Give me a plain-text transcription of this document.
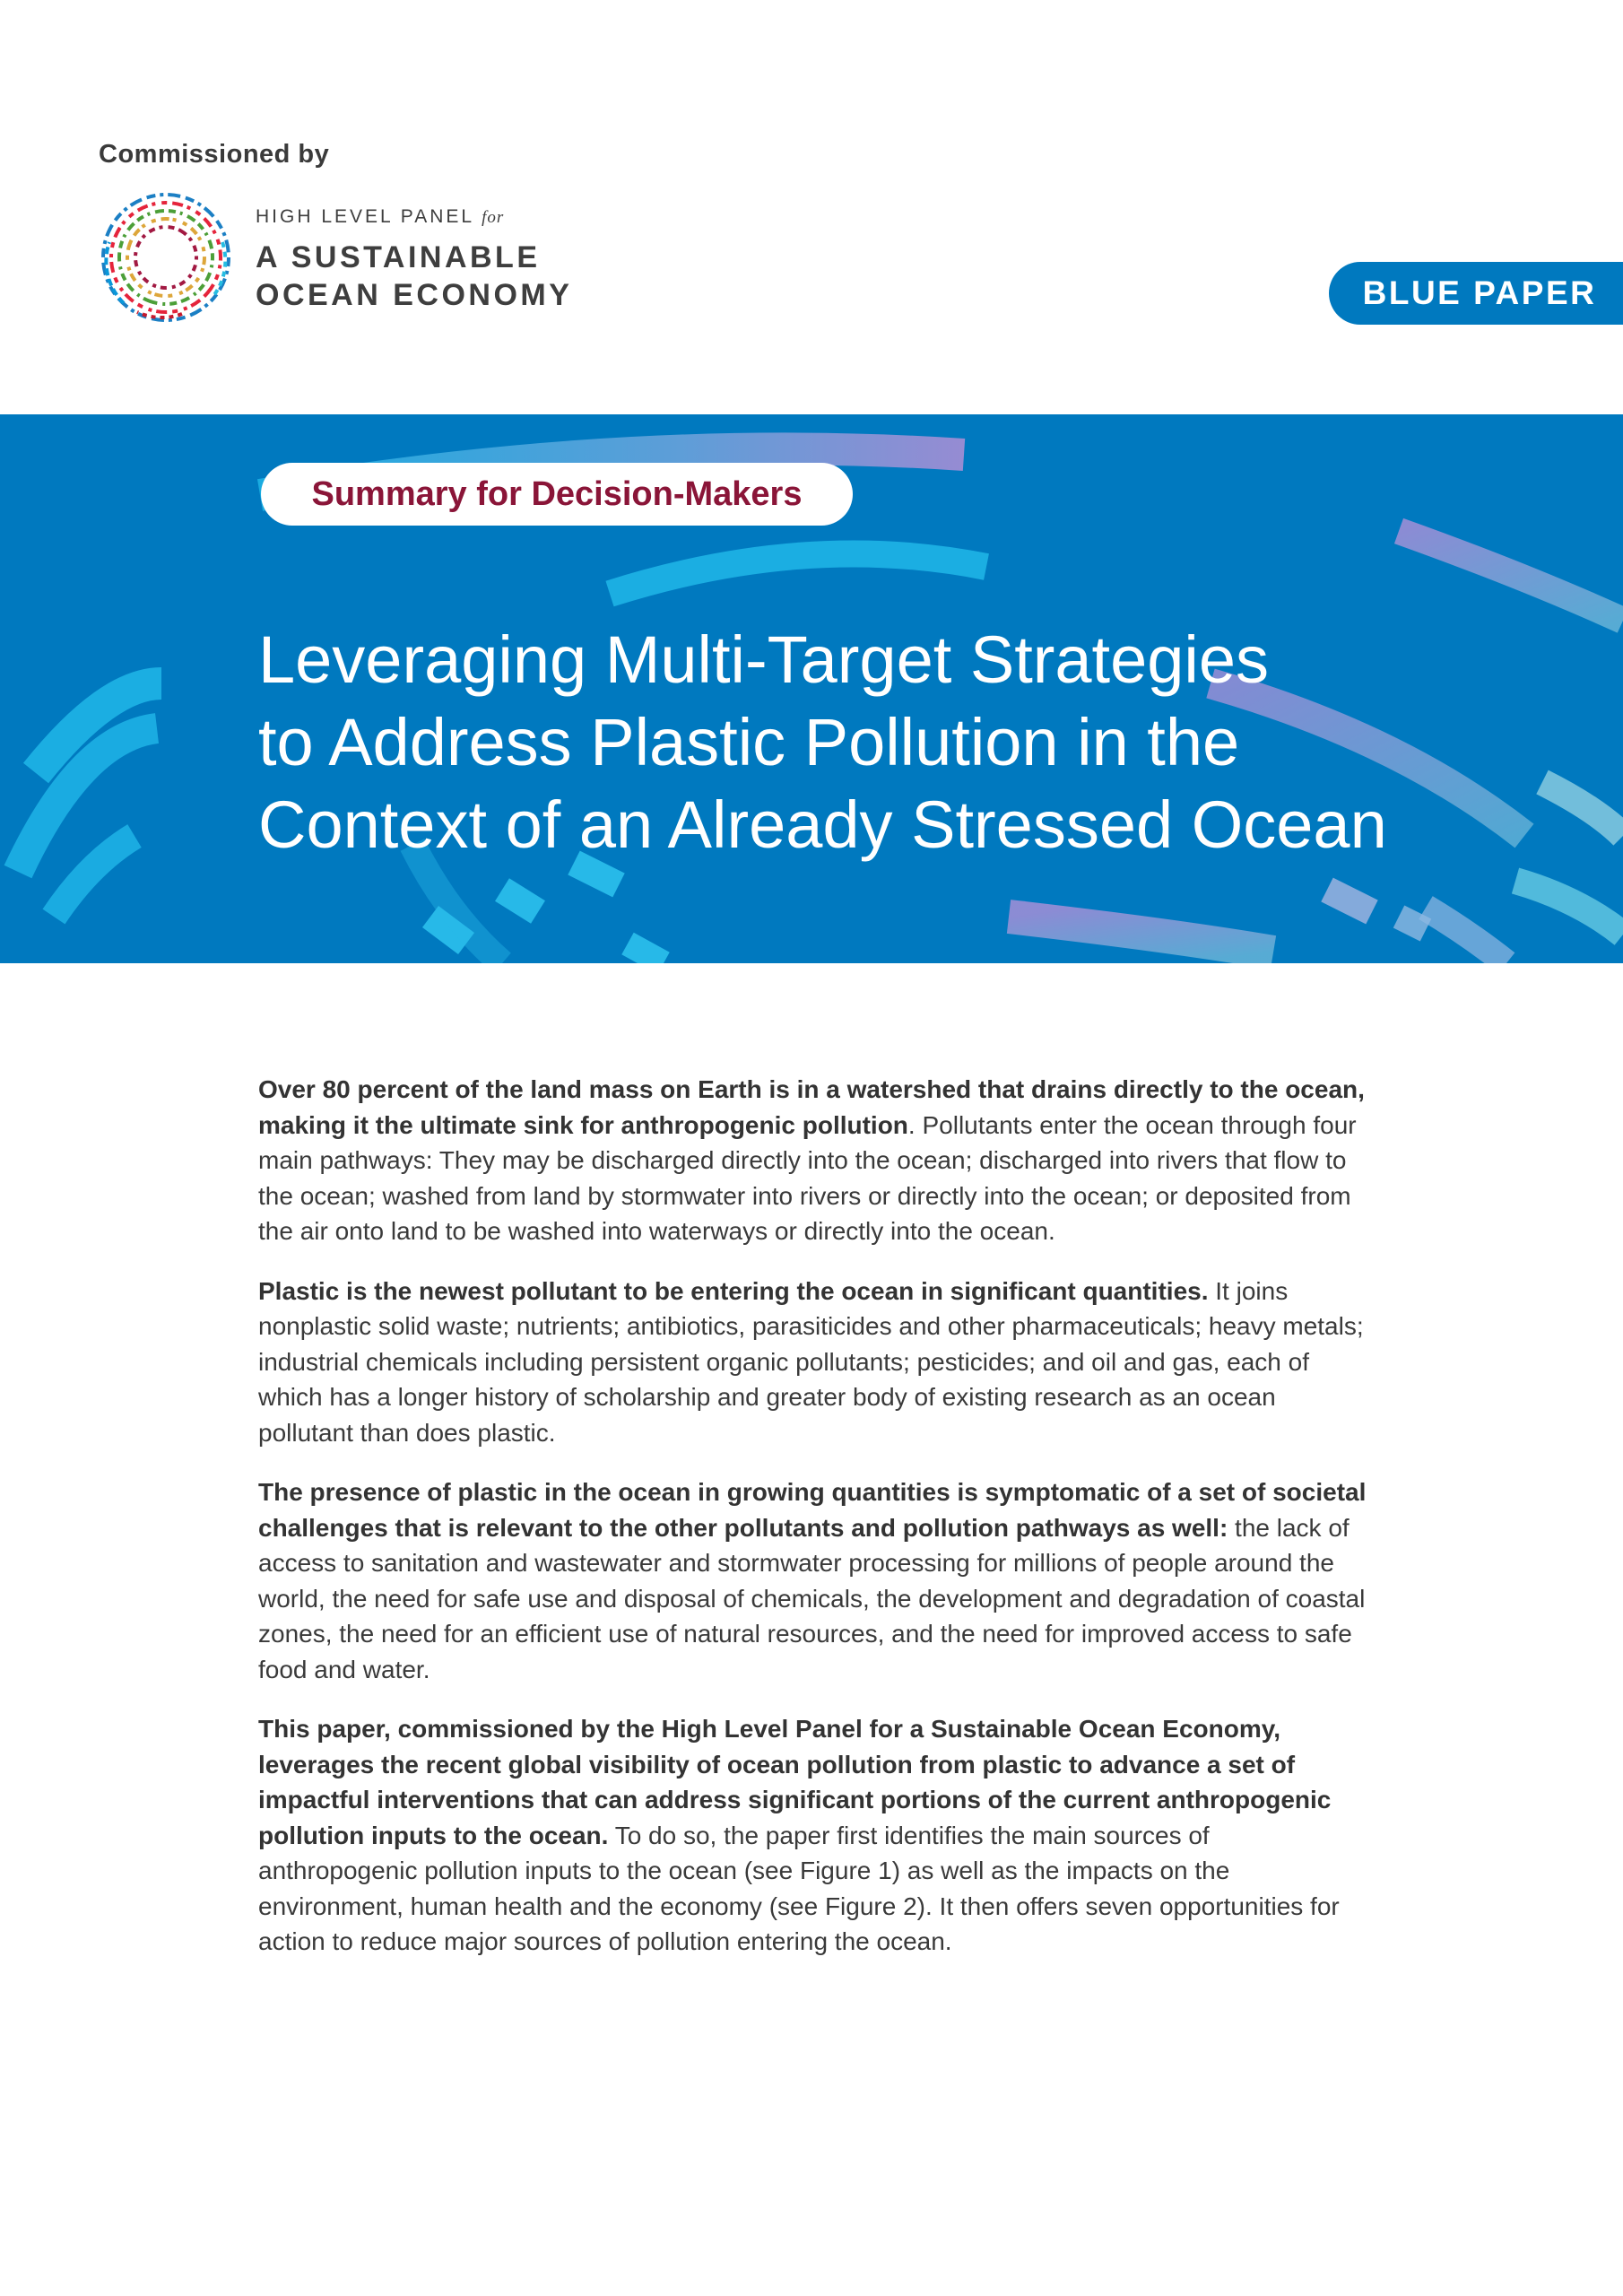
Commissioned by
HIGH LEVEL PANEL for
A SUSTAINABLE
OCEAN ECONOMY	BLUE PAPER
Summary for Decision-Makers
Leveraging Multi-Target Strategies
to Address Plastic Pollution in the
Context of an Already Stressed Ocean

Over 80 percent of the land mass on Earth is in a watershed that drains directly to the ocean, making it the ultimate sink for anthropogenic pollution. Pollutants enter the ocean through four main pathways: They may be discharged directly into the ocean; discharged into rivers that flow to the ocean; washed from land by stormwater into rivers or directly into the ocean; or deposited from the air onto land to be washed into waterways or directly into the ocean.

Plastic is the newest pollutant to be entering the ocean in significant quantities. It joins nonplastic solid waste; nutrients; antibiotics, parasiticides and other pharmaceuticals; heavy metals; industrial chemicals including persistent organic pollutants; pesticides; and oil and gas, each of which has a longer history of scholarship and greater body of existing research as an ocean pollutant than does plastic.

The presence of plastic in the ocean in growing quantities is symptomatic of a set of societal challenges that is relevant to the other pollutants and pollution pathways as well: the lack of access to sanitation and wastewater and stormwater processing for millions of people around the world, the need for safe use and disposal of chemicals, the development and degradation of coastal zones, the need for an efficient use of natural resources, and the need for improved access to safe food and water.

This paper, commissioned by the High Level Panel for a Sustainable Ocean Economy, leverages the recent global visibility of ocean pollution from plastic to advance a set of impactful interventions that can address significant portions of the current anthropogenic pollution inputs to the ocean. To do so, the paper first identifies the main sources of anthropogenic pollution inputs to the ocean (see Figure 1) as well as the impacts on the environment, human health and the economy (see Figure 2). It then offers seven opportunities for action to reduce major sources of pollution entering the ocean.
